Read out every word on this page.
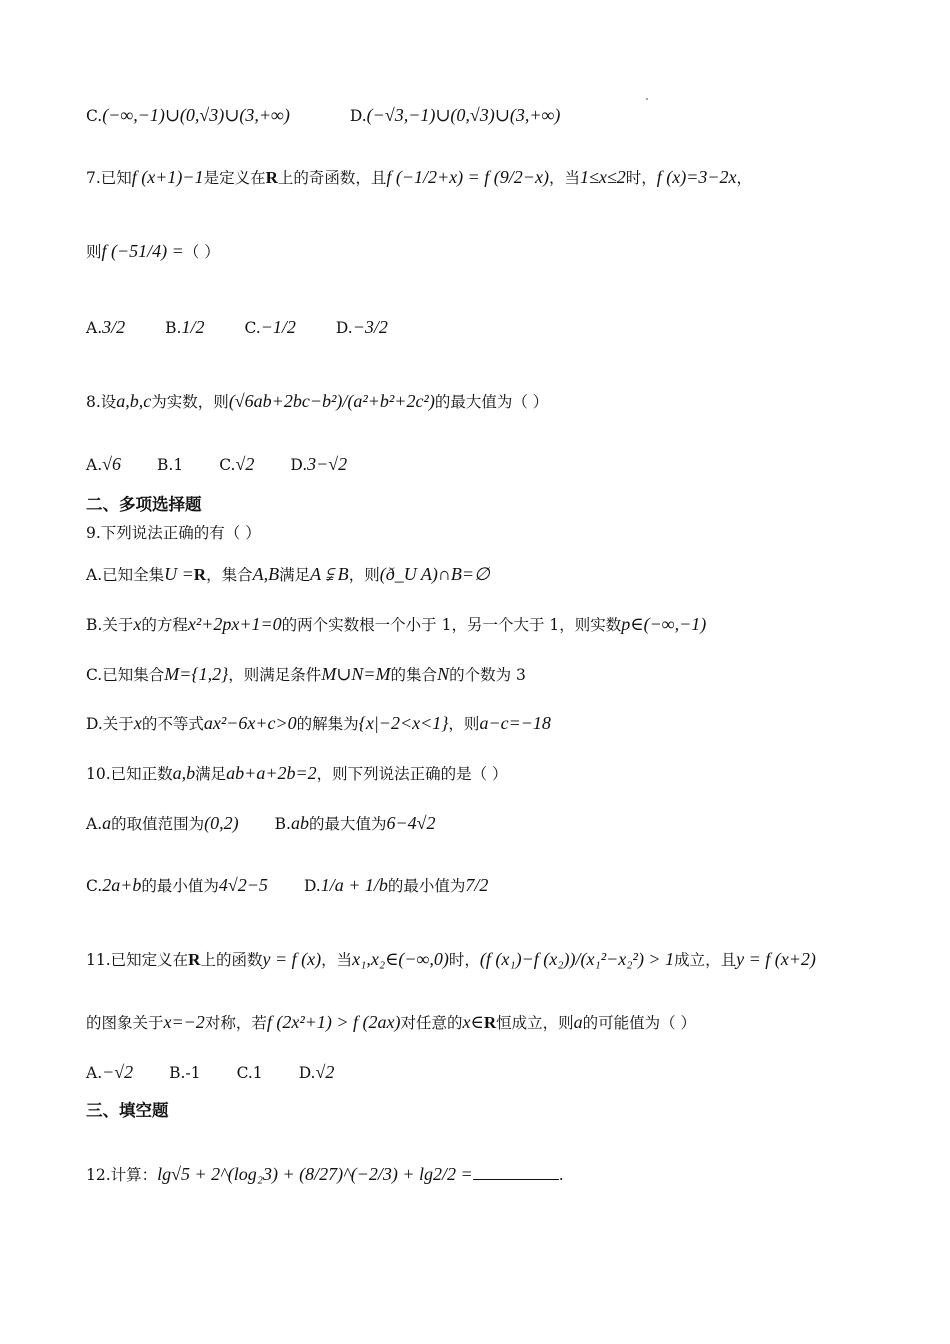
C.(−∞,−1)∪(0,√3)∪(3,+∞)	D.(−√3,−1)∪(0,√3)∪(3,+∞)
7.已知f (x+1)−1是定义在R上的奇函数，且f (−1/2+x) = f (9/2−x)，当1≤x≤2时，f (x)=3−2x，
则f (−51/4) =（ ）
A.3/2	B.1/2	C.−1/2	D.−3/2
8.设a,b,c为实数，则(√6ab+2bc−b²)/(a²+b²+2c²)的最大值为（ ）
A.√6 B.1 C.√2 D.3−√2
二、多项选择题
9.下列说法正确的有（ ）
A.已知全集U =R，集合A,B满足A ⫋ B，则(ð_U A)∩B=∅
B.关于x的方程x²+2px+1=0的两个实数根一个小于 1，另一个大于 1，则实数p∈(−∞,−1)
C.已知集合M={1,2}，则满足条件M∪N=M的集合N的个数为 3
D.关于x的不等式ax²−6x+c>0的解集为{x|−2<x<1}，则a−c=−18
10.已知正数a,b满足ab+a+2b=2，则下列说法正确的是（ ）
A.a的取值范围为(0,2) B.ab的最大值为6−4√2
C.2a+b的最小值为4√2−5 D.1/a + 1/b的最小值为7/2
11.已知定义在R上的函数y = f (x)，当x₁,x₂∈(−∞,0)时，(f (x₁)−f (x₂))/(x₁²−x₂²) > 1成立，且y = f (x+2)
的图象关于x=−2对称，若f (2x²+1) > f (2ax)对任意的x∈R恒成立，则a的可能值为（ ）
A.−√2 B.-1 C.1 D.√2
三、填空题
12.计算：lg√5 + 2^(log₂3) + (8/27)^(−2/3) + lg2/2 =	.
